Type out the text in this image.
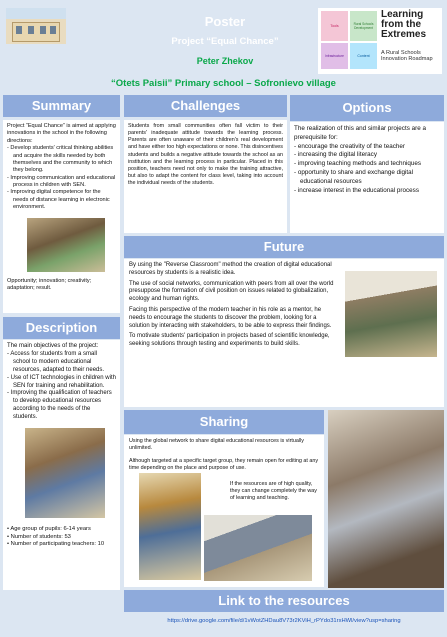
Poster
Project “Equal Chance”
Peter Zhekov
Tools	Rural Schools Development
Infrastructure	Content
Learning from the Extremes
A Rural Schools Innovation Roadmap
“Otets Paisii” Primary school – Sofronievo village
Summary
Project “Equal Chance” is aimed at applying innovations in the school in the following directions:
- Develop students' critical thinking abilities and acquire the skills needed by both themselves and the community to which they belong.
- Improving communication and educational process in children with SEN.
- Improving digital competence for the needs of distance learning in electronic environment.
Opportunity; innovation; creativity; adaptation; result.
Challenges
Students from small communities often fall victim to their parents' inadequate attitude towards the learning process. Parents are often unaware of their children's real development and have either too high expectations or none. This disincentives students and builds a negative attitude towards the school as an institution and the learning process in particular. Placed in this position, teachers need not only to make the training attractive, but also to adapt the content for class level, taking into account the individual needs of the students.
Options
The realization of this and similar projects are a prerequisite for:
- encourage the creativity of the teacher
- increasing the digital literacy
- improving teaching methods and techniques
- opportunity to share and exchange digital educational resources
- increase interest in the educational process
Future

By using the "Reverse Classroom" method the creation of digital educational resources by students is a realistic idea.

The use of social networks, communication with peers from all over the world presuppose the formation of civil position on issues related to globalization, ecology and human rights.

Facing this perspective of the modern teacher in his role as a mentor, he needs to encourage the students to discover the problem, looking for a solution by interacting with stakeholders, to be able to express their findings.

To motivate students' participation in projects based of scientific knowledge, seeking solutions through testing and experiments to build skills.

Description
The main objectives of the project:
- Access for students from a small school to modern educational resources, adapted to their needs.
- Use of ICT technologies in children with SEN for training and rehabilitation.
- Improving the qualification of teachers to develop educational resources according to the needs of the students.
• Age group of pupils: 6-14 years
• Number of students: 53
• Number of participating teachers: 10
Sharing

Using the global network to share digital educational resources is virtually unlimited.

Although targeted at a specific target group, they remain open for editing at any time depending on the place and purpose of use.

If the resources are of high quality, they can change completely the way of learning and teaching.

Link to the resources
https://drive.google.com/file/d/1vWotZHDau8V73r2KViH_rPYdo31rxHWl/view?usp=sharing
